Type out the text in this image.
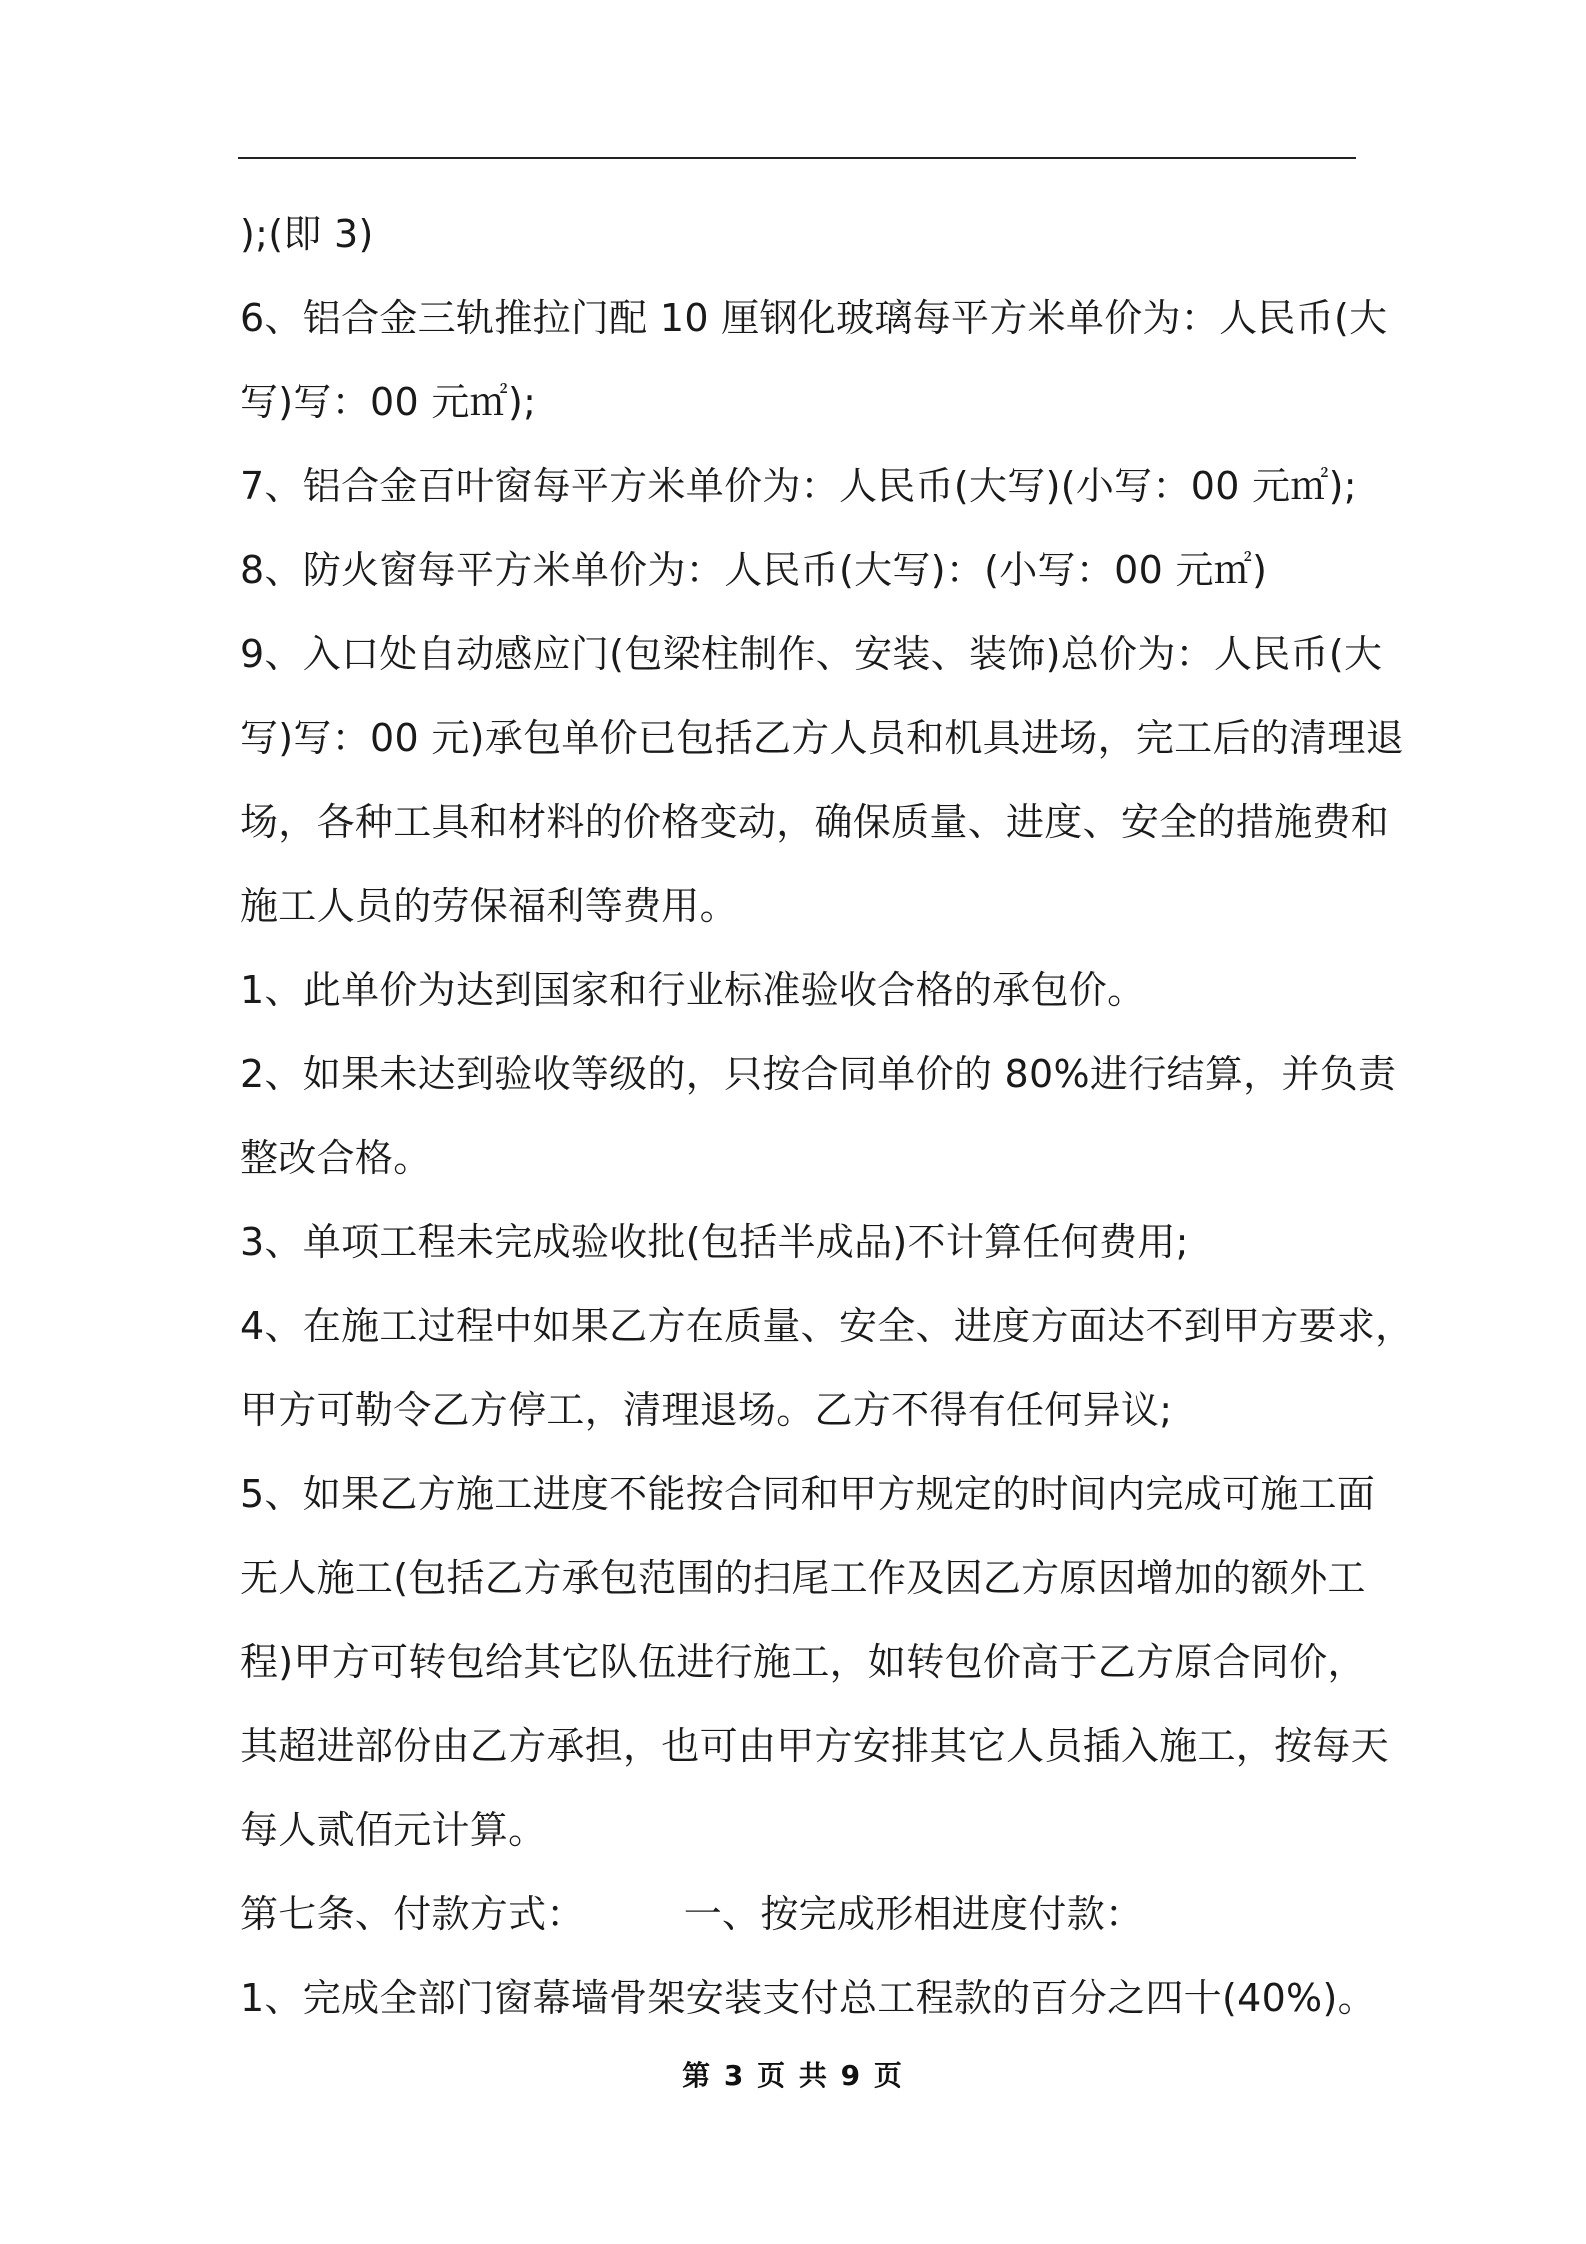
);(即 3)
6、铝合金三轨推拉门配 10 厘钢化玻璃每平方米单价为：人民币(大
写)写：00 元㎡);
7、铝合金百叶窗每平方米单价为：人民币(大写)(小写：00 元㎡);
8、防火窗每平方米单价为：人民币(大写)：(小写：00 元㎡)
9、入口处自动感应门(包梁柱制作、安装、装饰)总价为：人民币(大
写)写：00 元)承包单价已包括乙方人员和机具进场，完工后的清理退
场，各种工具和材料的价格变动，确保质量、进度、安全的措施费和
施工人员的劳保福利等费用。
1、此单价为达到国家和行业标准验收合格的承包价。
2、如果未达到验收等级的，只按合同单价的 80%进行结算，并负责
整改合格。
3、单项工程未完成验收批(包括半成品)不计算任何费用;
4、在施工过程中如果乙方在质量、安全、进度方面达不到甲方要求，
甲方可勒令乙方停工，清理退场。乙方不得有任何异议;
5、如果乙方施工进度不能按合同和甲方规定的时间内完成可施工面
无人施工(包括乙方承包范围的扫尾工作及因乙方原因增加的额外工
程)甲方可转包给其它队伍进行施工，如转包价高于乙方原合同价，
其超进部份由乙方承担，也可由甲方安排其它人员插入施工，按每天
每人贰佰元计算。
第七条、付款方式：        一、按完成形相进度付款：
1、完成全部门窗幕墙骨架安装支付总工程款的百分之四十(40%)。
第 3 页 共 9 页
